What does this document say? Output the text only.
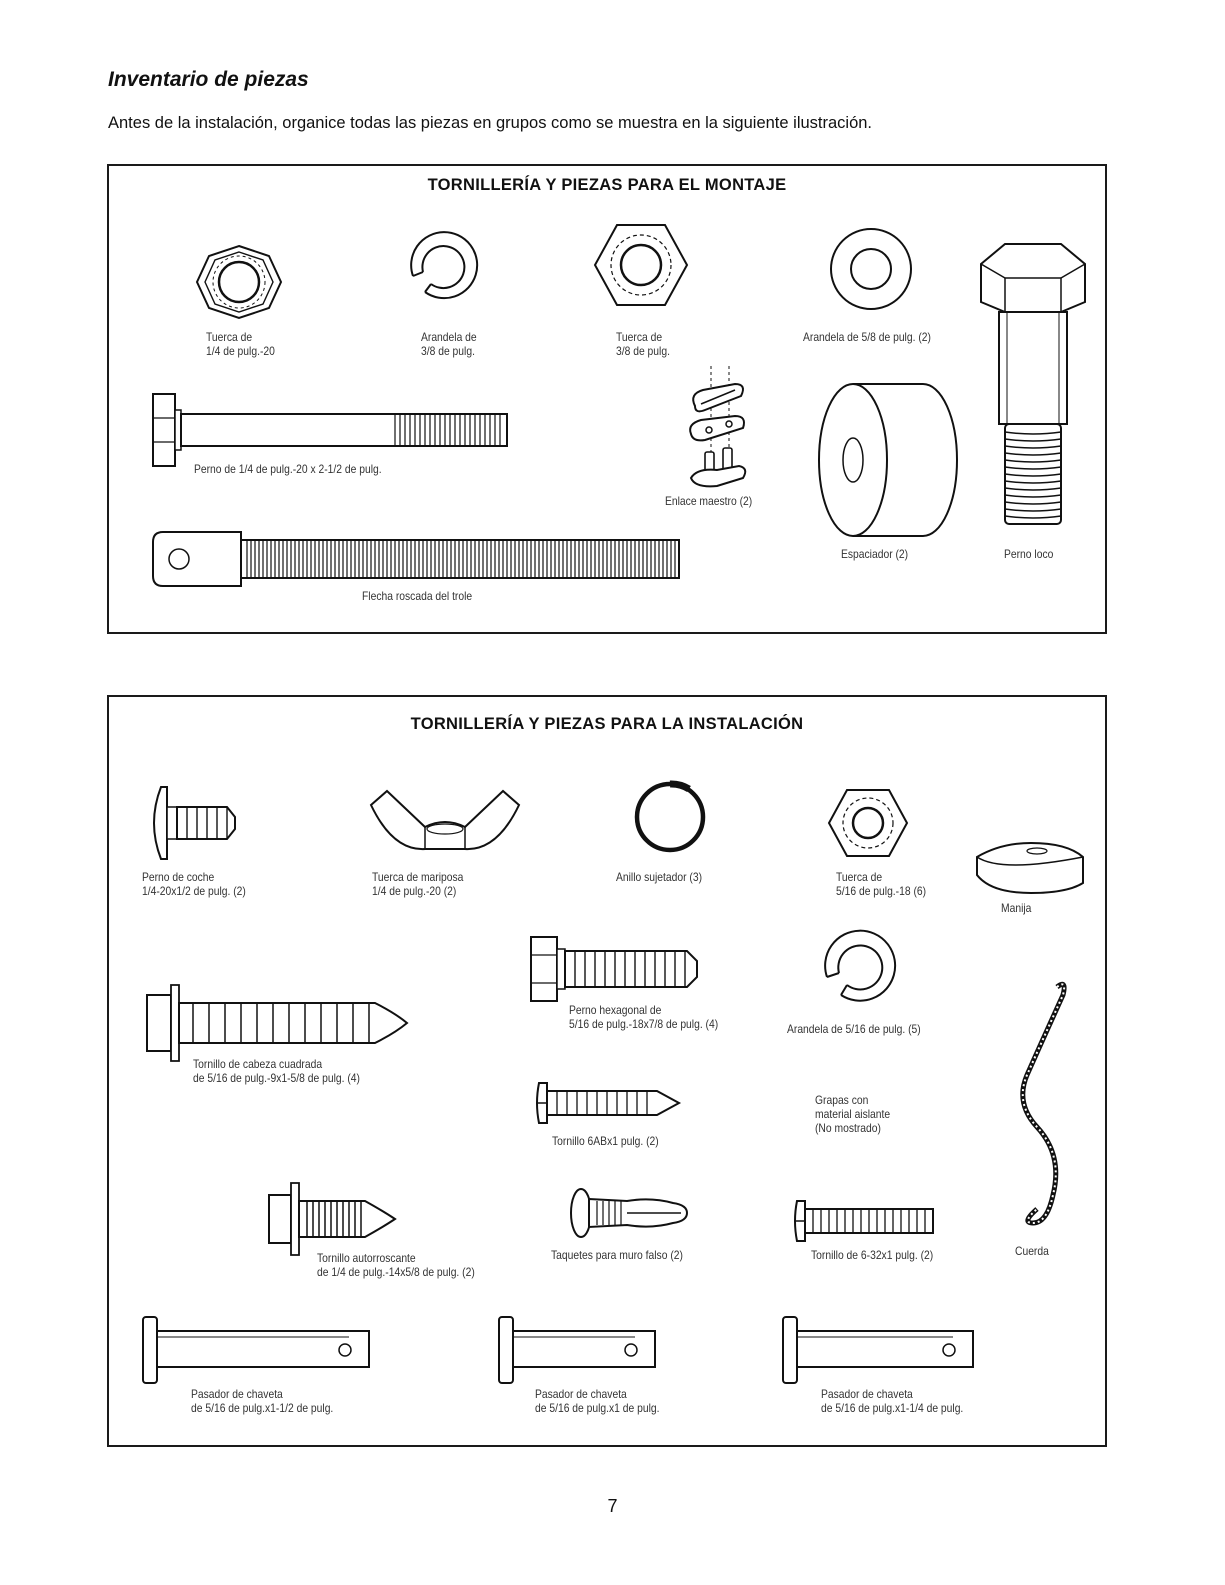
Inventario de piezas
Antes de la instalación, organice todas las piezas en grupos como se muestra en la siguiente ilustración.
TORNILLERÍA Y PIEZAS PARA EL MONTAJE
Tuerca de
1/4 de pulg.-20
Arandela de
3/8 de pulg.
Tuerca de
3/8 de pulg.
Arandela de 5/8 de pulg. (2)
Perno loco
Perno de 1/4 de pulg.-20 x 2-1/2 de pulg.
Enlace maestro (2)
Espaciador (2)
Flecha roscada del trole
TORNILLERÍA Y PIEZAS PARA LA INSTALACIÓN
Perno de coche
1/4-20x1/2 de pulg. (2)
Tuerca de mariposa
1/4 de pulg.-20 (2)
Anillo sujetador (3)	Tuerca de
5/16 de pulg.-18 (6)
Manija
Perno hexagonal de
5/16 de pulg.-18x7/8 de pulg. (4)	Arandela de 5/16 de pulg. (5)
Tornillo de cabeza cuadrada
de 5/16 de pulg.-9x1-5/8 de pulg. (4)
Tornillo 6ABx1 pulg. (2)
Grapas con
material aislante
(No mostrado)
Tornillo autorroscante
de 1/4 de pulg.-14x5/8 de pulg. (2)
Taquetes para muro falso (2)	Tornillo de 6-32x1 pulg. (2)	Cuerda
Pasador de chaveta
de 5/16 de pulg.x1-1/2 de pulg.
Pasador de chaveta
de 5/16 de pulg.x1 de pulg.
Pasador de chaveta
de 5/16 de pulg.x1-1/4 de pulg.
7
